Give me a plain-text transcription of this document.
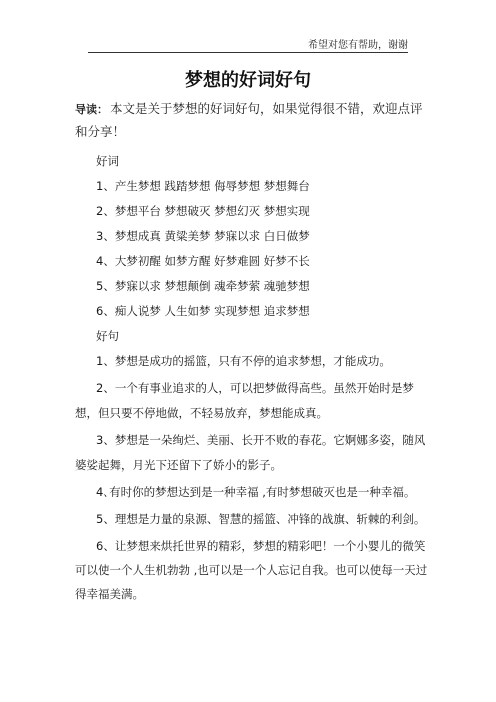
希望对您有帮助，谢谢
梦想的好词好句

导读： 本文是关于梦想的好词好句，如果觉得很不错，欢迎点评和分享！

好词

1、产生梦想 践踏梦想 侮辱梦想 梦想舞台

2、梦想平台 梦想破灭 梦想幻灭 梦想实现

3、梦想成真 黄粱美梦 梦寐以求 白日做梦

4、大梦初醒 如梦方醒 好梦难圆 好梦不长

5、梦寐以求 梦想颠倒 魂牵梦萦 魂驰梦想

6、痴人说梦 人生如梦 实现梦想 追求梦想

好句

1、梦想是成功的摇篮，只有不停的追求梦想，才能成功。

2、一个有事业追求的人，可以把梦做得高些。虽然开始时是梦想，但只要不停地做，不轻易放弃，梦想能成真。

3、梦想是一朵绚烂、美丽、长开不败的春花。它婀娜多姿，随风婆娑起舞，月光下还留下了娇小的影子。

4､有时你的梦想达到是一种幸福 ,有时梦想破灭也是一种幸福。

5、理想是力量的泉源、智慧的摇篮、冲锋的战旗、斩棘的利剑。

6、让梦想来烘托世界的精彩，梦想的精彩吧！一个小婴儿的微笑可以使一个人生机勃勃 ,也可以是一个人忘记自我。也可以使每一天过得幸福美满。
